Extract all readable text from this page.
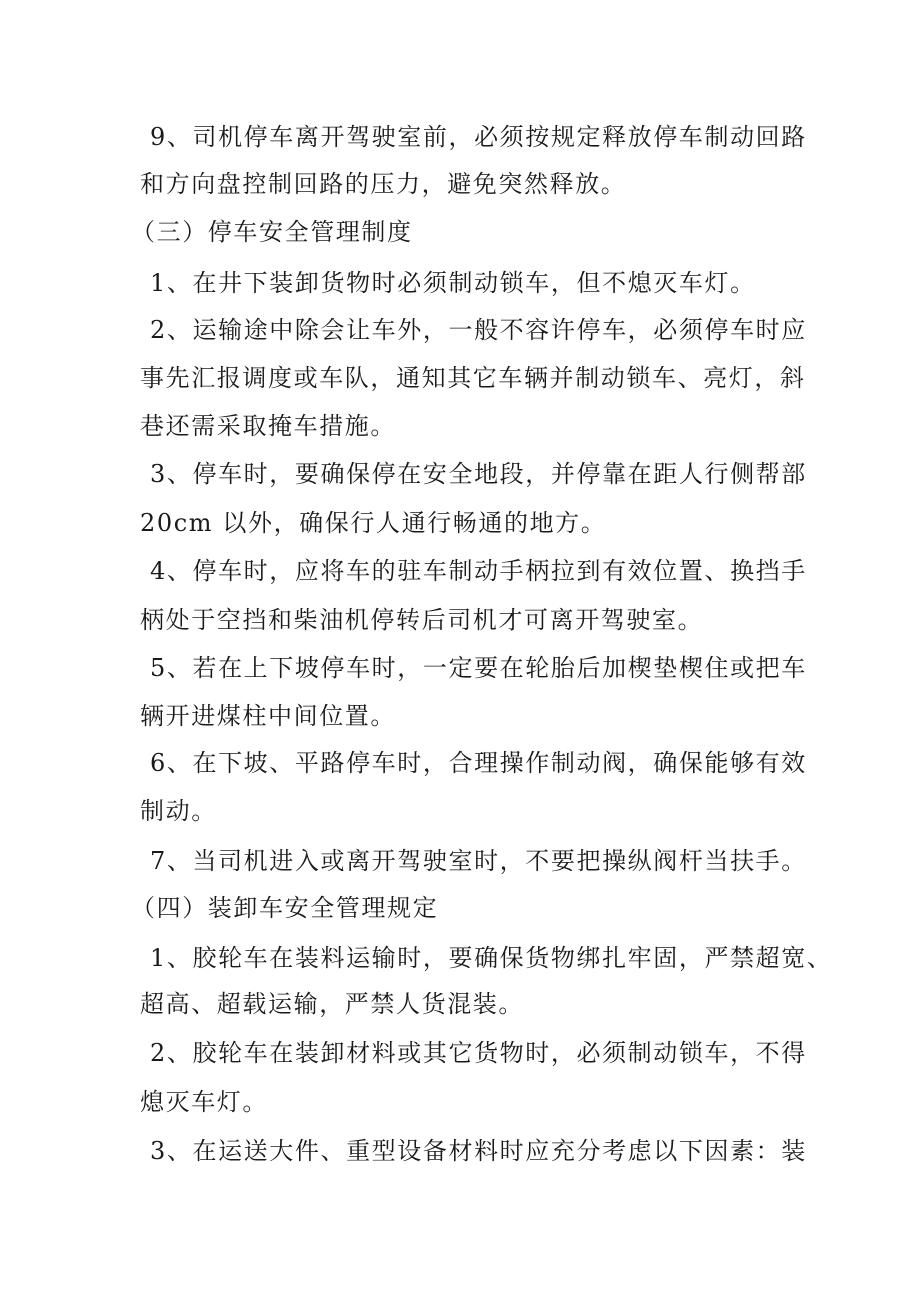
9、司机停车离开驾驶室前，必须按规定释放停车制动回路
和方向盘控制回路的压力，避免突然释放。
（三）停车安全管理制度
1、在井下装卸货物时必须制动锁车，但不熄灭车灯。
2、运输途中除会让车外，一般不容许停车，必须停车时应
事先汇报调度或车队，通知其它车辆并制动锁车、亮灯，斜
巷还需采取掩车措施。
3、停车时，要确保停在安全地段，并停靠在距人行侧帮部
20cm 以外，确保行人通行畅通的地方。
4、停车时，应将车的驻车制动手柄拉到有效位置、换挡手
柄处于空挡和柴油机停转后司机才可离开驾驶室。
5、若在上下坡停车时，一定要在轮胎后加楔垫楔住或把车
辆开进煤柱中间位置。
6、在下坡、平路停车时，合理操作制动阀，确保能够有效
制动。
7、当司机进入或离开驾驶室时，不要把操纵阀杆当扶手。
（四）装卸车安全管理规定
1、胶轮车在装料运输时，要确保货物绑扎牢固，严禁超宽、
超高、超载运输，严禁人货混装。
2、胶轮车在装卸材料或其它货物时，必须制动锁车，不得
熄灭车灯。
3、在运送大件、重型设备材料时应充分考虑以下因素：装
